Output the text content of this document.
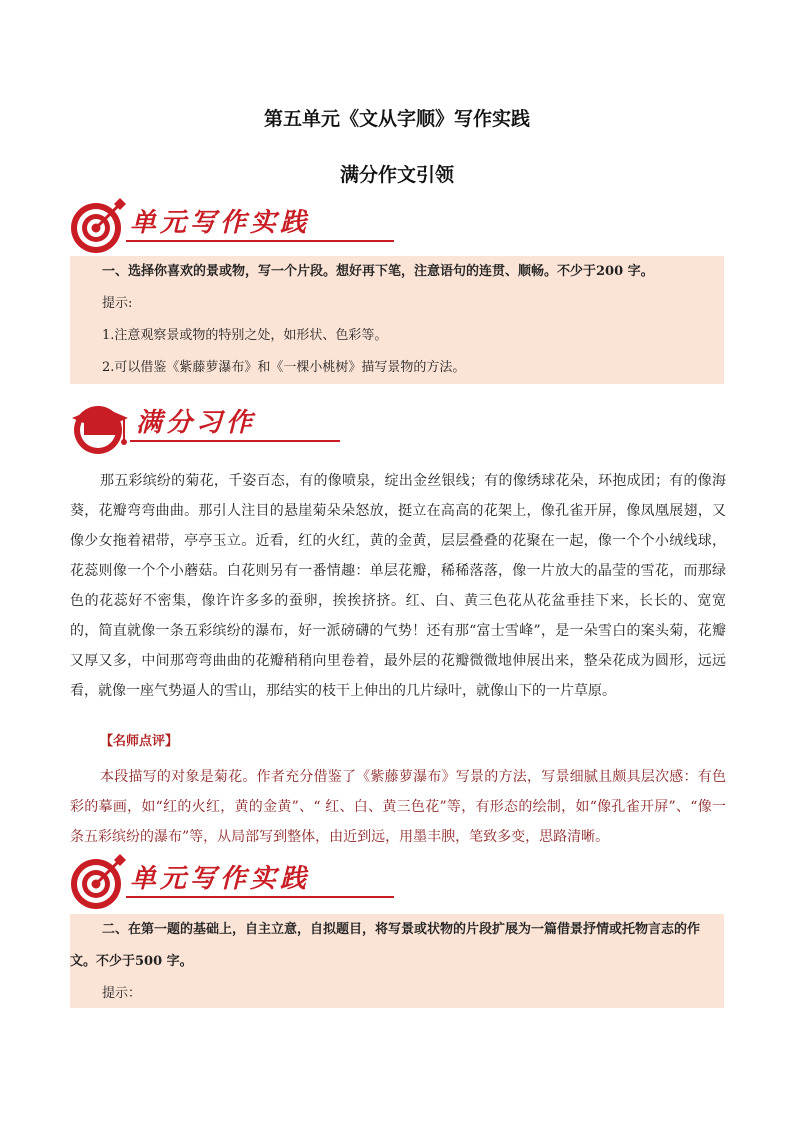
第五单元《文从字顺》写作实践
满分作文引领
单元写作实践

一、选择你喜欢的景或物，写一个片段。想好再下笔，注意语句的连贯、顺畅。不少于200 字。

提示:

1.注意观察景或物的特别之处，如形状、色彩等。

2.可以借鉴《紫藤萝瀑布》和《一棵小桃树》描写景物的方法。

满分习作

那五彩缤纷的菊花，千姿百态，有的像喷泉，绽出金丝银线；有的像绣球花朵，环抱成团；有的像海葵，花瓣弯弯曲曲。那引人注目的悬崖菊朵朵怒放，挺立在高高的花架上，像孔雀开屏，像凤凰展翅，又像少女拖着裙带，亭亭玉立。近看，红的火红，黄的金黄，层层叠叠的花聚在一起，像一个个小绒线球，花蕊则像一个个小蘑菇。白花则另有一番情趣：单层花瓣，稀稀落落，像一片放大的晶莹的雪花，而那绿色的花蕊好不密集，像许许多多的蚕卵，挨挨挤挤。红、白、黄三色花从花盆垂挂下来，长长的、宽宽的，简直就像一条五彩缤纷的瀑布，好一派磅礴的气势！还有那“富士雪峰”，是一朵雪白的案头菊，花瓣又厚又多，中间那弯弯曲曲的花瓣稍稍向里卷着，最外层的花瓣微微地伸展出来，整朵花成为圆形，远远看，就像一座气势逼人的雪山，那结实的枝干上伸出的几片绿叶，就像山下的一片草原。

【名师点评】

本段描写的对象是菊花。作者充分借鉴了《紫藤萝瀑布》写景的方法，写景细腻且颇具层次感：有色彩的摹画，如“红的火红，黄的金黄”、“ 红、白、黄三色花”等，有形态的绘制，如“像孔雀开屏”、“像一条五彩缤纷的瀑布”等，从局部写到整体，由近到远，用墨丰腴，笔致多变，思路清晰。

单元写作实践

二、在第一题的基础上，自主立意，自拟题目，将写景或状物的片段扩展为一篇借景抒情或托物言志的作文。不少于500 字。

提示：
